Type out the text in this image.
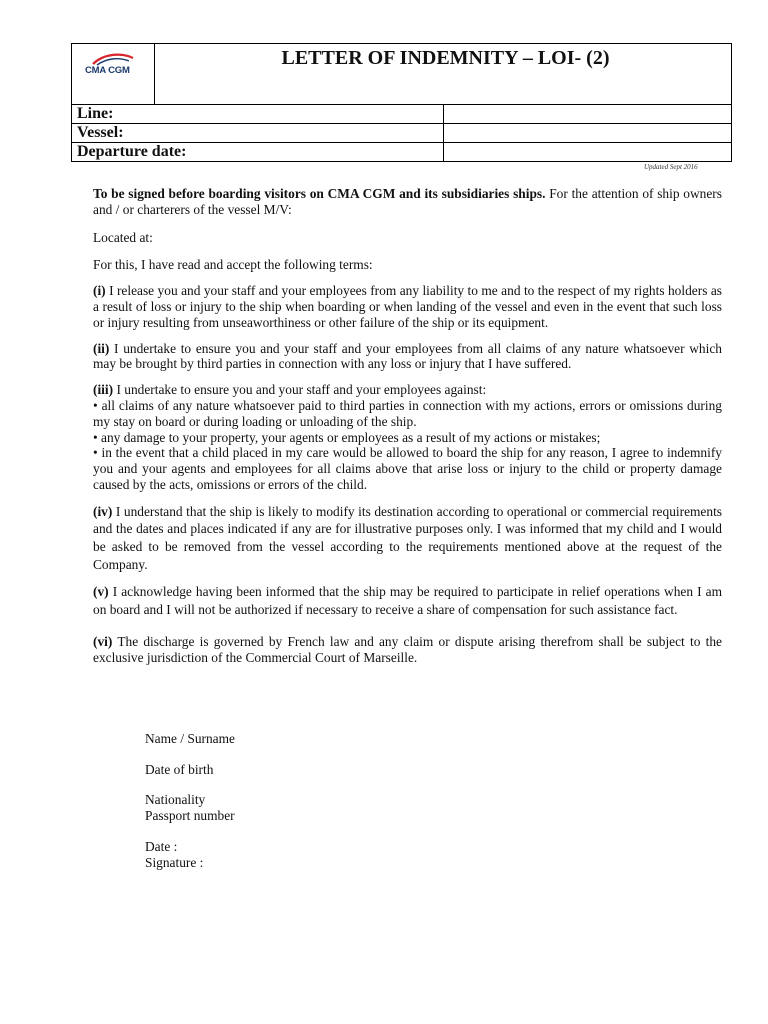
CMA CGM	LETTER OF INDEMNITY – LOI- (2)	
Line:		
Vessel:		
Departure date:		
Updated Sept 2016

To be signed before boarding visitors on CMA CGM and its subsidiaries ships. For the attention of ship owners and / or charterers of the vessel M/V:

Located at:

For this, I have read and accept the following terms:

(i) I release you and your staff and your employees from any liability to me and to the respect of my rights holders as a result of loss or injury to the ship when boarding or when landing of the vessel and even in the event that such loss or injury resulting from unseaworthiness or other failure of the ship or its equipment.

(ii) I undertake to ensure you and your staff and your employees from all claims of any nature whatsoever which may be brought by third parties in connection with any loss or injury that I have suffered.

(iii) I undertake to ensure you and your staff and your employees against:

• all claims of any nature whatsoever paid to third parties in connection with my actions, errors or omissions during my stay on board or during loading or unloading of the ship.

• any damage to your property, your agents or employees as a result of my actions or mistakes;

• in the event that a child placed in my care would be allowed to board the ship for any reason, I agree to indemnify you and your agents and employees for all claims above that arise loss or injury to the child or property damage caused by the acts, omissions or errors of the child.

(iv) I understand that the ship is likely to modify its destination according to operational or commercial requirements and the dates and places indicated if any are for illustrative purposes only. I was informed that my child and I would be asked to be removed from the vessel according to the requirements mentioned above at the request of the Company.

(v) I acknowledge having been informed that the ship may be required to participate in relief operations when I am on board and I will not be authorized if necessary to receive a share of compensation for such assistance fact.

(vi) The discharge is governed by French law and any claim or dispute arising therefrom shall be subject to the exclusive jurisdiction of the Commercial Court of Marseille.

Name / Surname
Date of birth
Nationality
Passport number
Date :
Signature :
